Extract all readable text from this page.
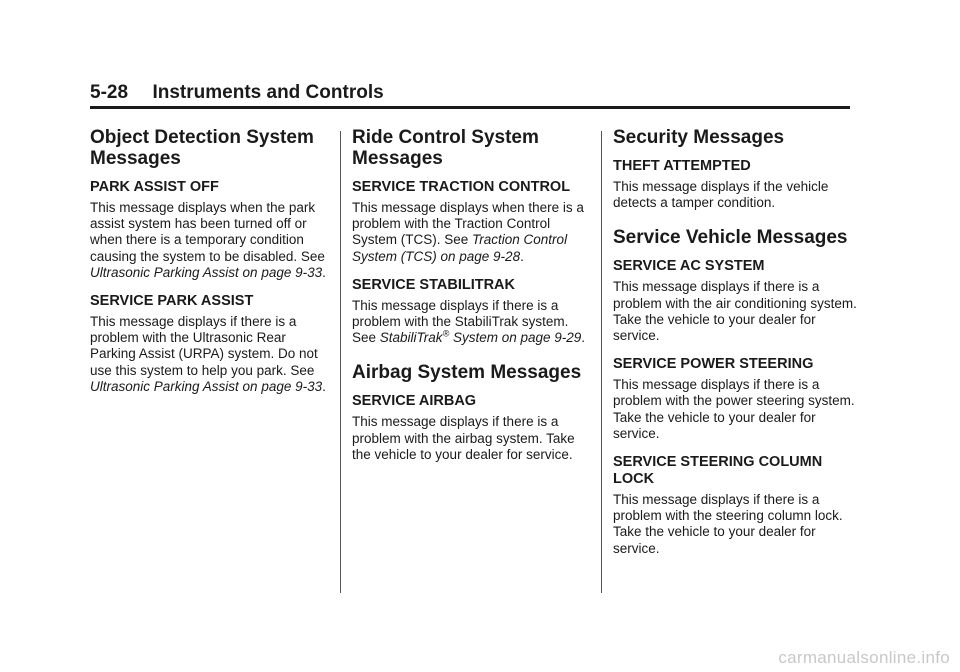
5-28 Instruments and Controls
Object Detection System Messages
PARK ASSIST OFF

This message displays when the park assist system has been turned off or when there is a temporary condition causing the system to be disabled. See Ultrasonic Parking Assist on page 9-33.

SERVICE PARK ASSIST

This message displays if there is a problem with the Ultrasonic Rear Parking Assist (URPA) system. Do not use this system to help you park. See Ultrasonic Parking Assist on page 9-33.

Ride Control System Messages
SERVICE TRACTION CONTROL

This message displays when there is a problem with the Traction Control System (TCS). See Traction Control System (TCS) on page 9-28.

SERVICE STABILITRAK

This message displays if there is a problem with the StabiliTrak system. See StabiliTrak® System on page 9-29.

Airbag System Messages
SERVICE AIRBAG

This message displays if there is a problem with the airbag system. Take the vehicle to your dealer for service.

Security Messages
THEFT ATTEMPTED

This message displays if the vehicle detects a tamper condition.

Service Vehicle Messages
SERVICE AC SYSTEM

This message displays if there is a problem with the air conditioning system. Take the vehicle to your dealer for service.

SERVICE POWER STEERING

This message displays if there is a problem with the power steering system. Take the vehicle to your dealer for service.

SERVICE STEERING COLUMN LOCK

This message displays if there is a problem with the steering column lock. Take the vehicle to your dealer for service.

carmanualsonline.info
